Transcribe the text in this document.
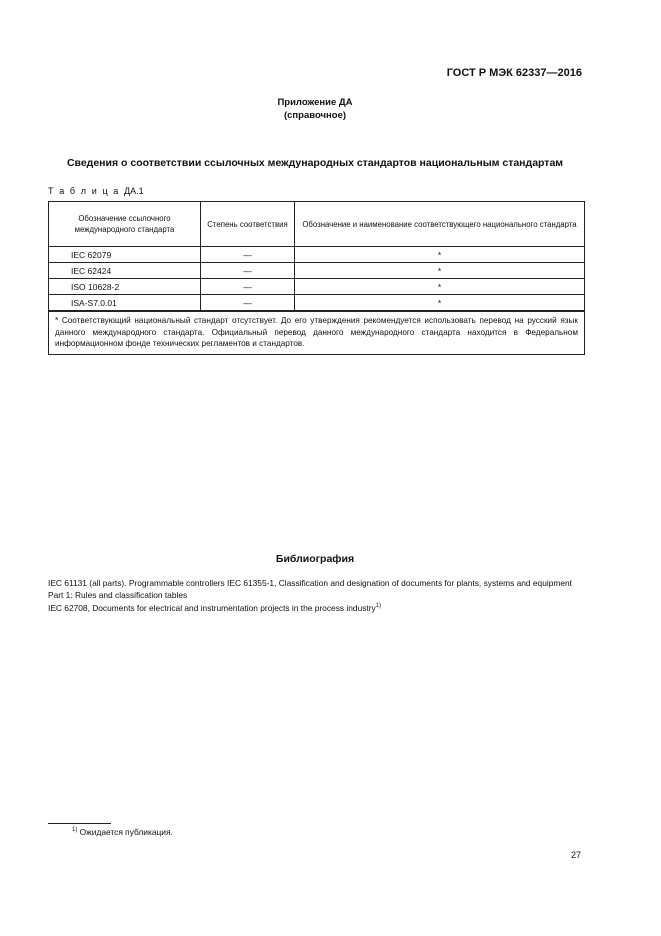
ГОСТ Р МЭК 62337—2016
Приложение ДА
(справочное)
Сведения о соответствии ссылочных международных стандартов национальным стандартам
Т а б л и ц а ДА.1
Обозначение ссылочного международного стандарта	Степень соответствия	Обозначение и наименование соответствующего национального стандарта
IEC 62079	—	*
IEC 62424	—	*
ISO 10628-2	—	*
ISA-S7.0.01	—	*
* Соответствующий национальный стандарт отсутствует. До его утверждения рекомендуется использовать перевод на русский язык данного международного стандарта. Официальный перевод данного международного стандарта находится в Федеральном информационном фонде технических регламентов и стандартов.		
Библиография

IEC 61131 (all parts). Programmable controllers IEC 61355-1, Classification and designation of documents for plants, systems and equipment Part 1: Rules and classification tables

IEC 62708, Documents for electrical and instrumentation projects in the process industry$^{1)}$

$^{1)}$ Ожидается публикация.
27
